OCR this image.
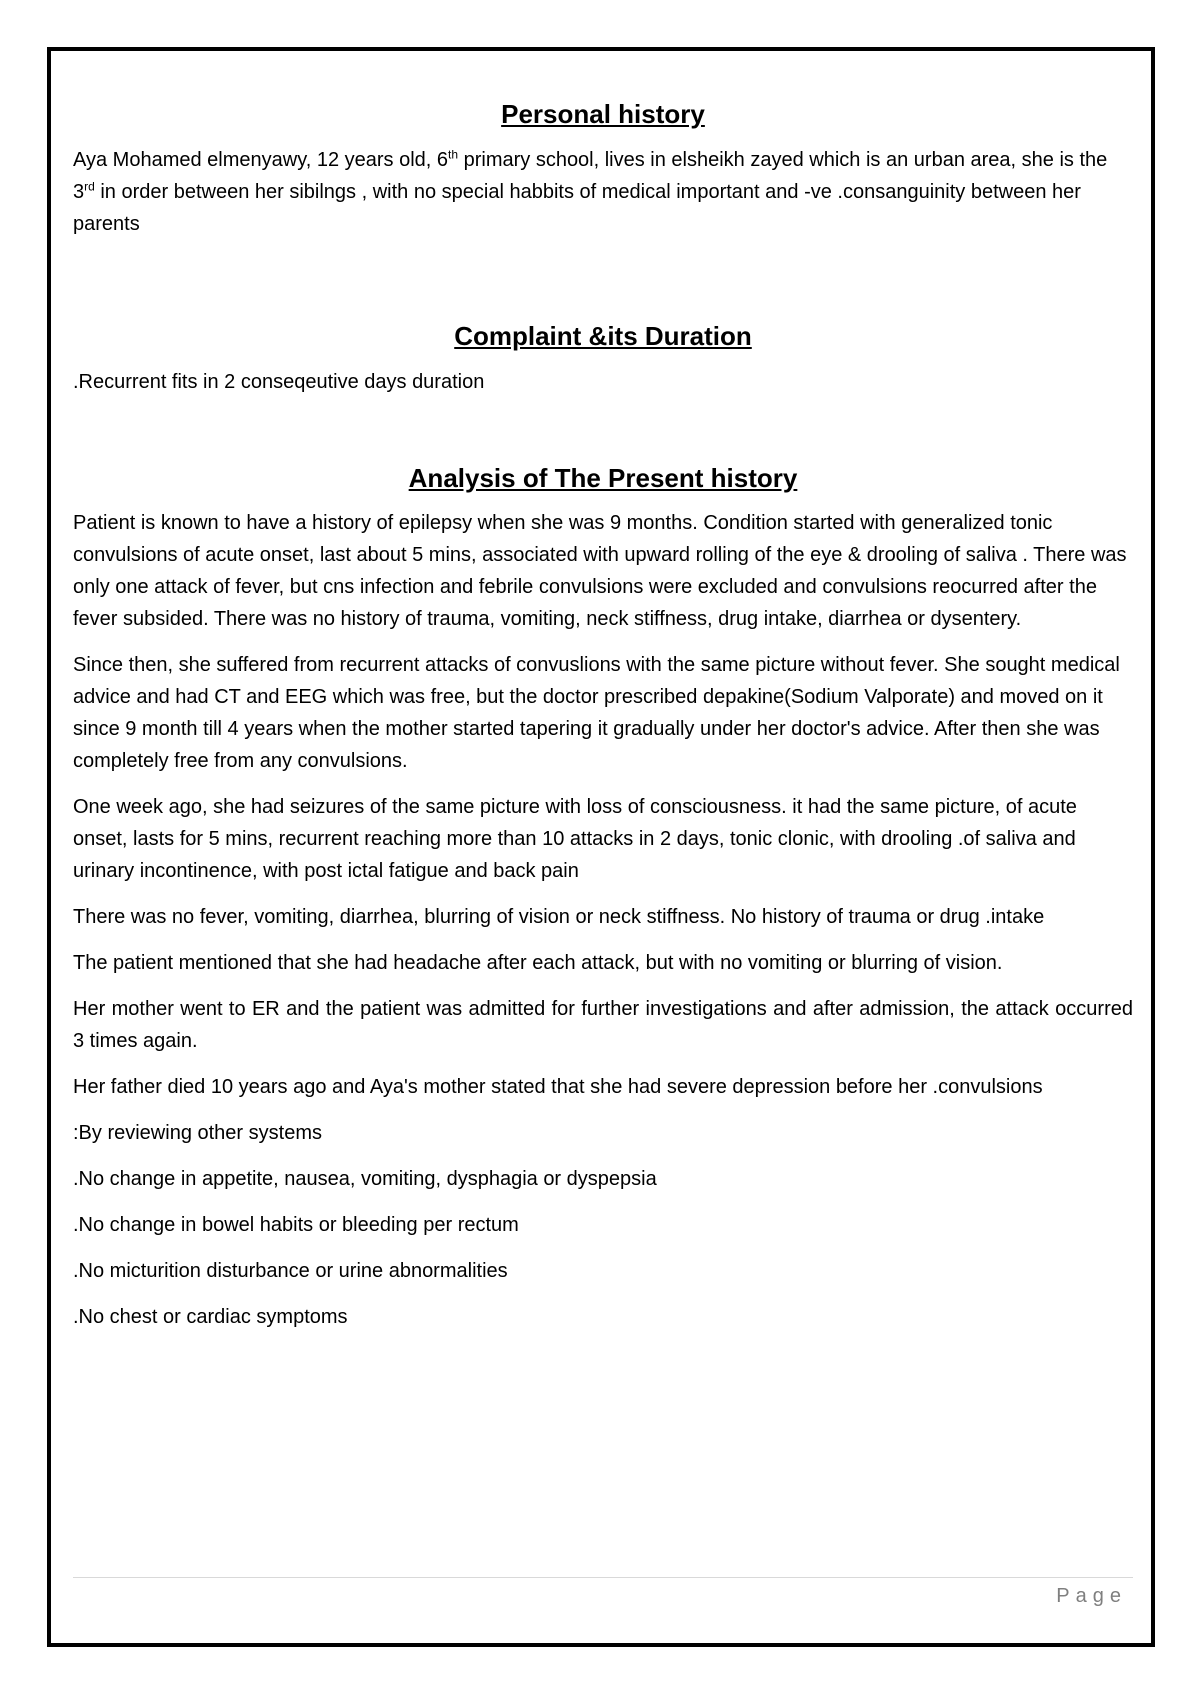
Personal history

Aya Mohamed elmenyawy, 12 years old, 6th primary school, lives in elsheikh zayed which is an urban area, she is the 3rd in order between her sibilngs , with no special habbits of medical important and -ve .consanguinity between her parents

Complaint &its Duration

.Recurrent fits in 2 conseqeutive days duration

Analysis of The Present history

Patient is known to have a history of epilepsy when she was 9 months. Condition started with generalized tonic convulsions of acute onset, last about 5 mins, associated with upward rolling of the eye & drooling of saliva . There was only one attack of fever, but cns infection and febrile convulsions were excluded and convulsions reocurred after the fever subsided. There was no history of trauma, vomiting, neck stiffness, drug intake, diarrhea or dysentery.

Since then, she suffered from recurrent attacks of convuslions with the same picture without fever. She sought medical advice and had CT and EEG which was free, but the doctor prescribed depakine(Sodium Valporate) and moved on it since 9 month till 4 years when the mother started tapering it gradually under her doctor's advice. After then she was completely free from any convulsions.

One week ago, she had seizures of the same picture with loss of consciousness. it had the same picture, of acute onset, lasts for 5 mins, recurrent reaching more than 10 attacks in 2 days, tonic clonic, with drooling .of saliva and urinary incontinence, with post ictal fatigue and back pain

There was no fever, vomiting, diarrhea, blurring of vision or neck stiffness. No history of trauma or drug .intake

The patient mentioned that she had headache after each attack, but with no vomiting or blurring of vision.

Her mother went to ER and the patient was admitted for further investigations and after admission, the attack occurred 3 times again.

Her father died 10 years ago and Aya's mother stated that she had severe depression before her .convulsions

:By reviewing other systems

.No change in appetite, nausea, vomiting, dysphagia or dyspepsia

.No change in bowel habits or bleeding per rectum

.No micturition disturbance or urine abnormalities

.No chest or cardiac symptoms

Page
